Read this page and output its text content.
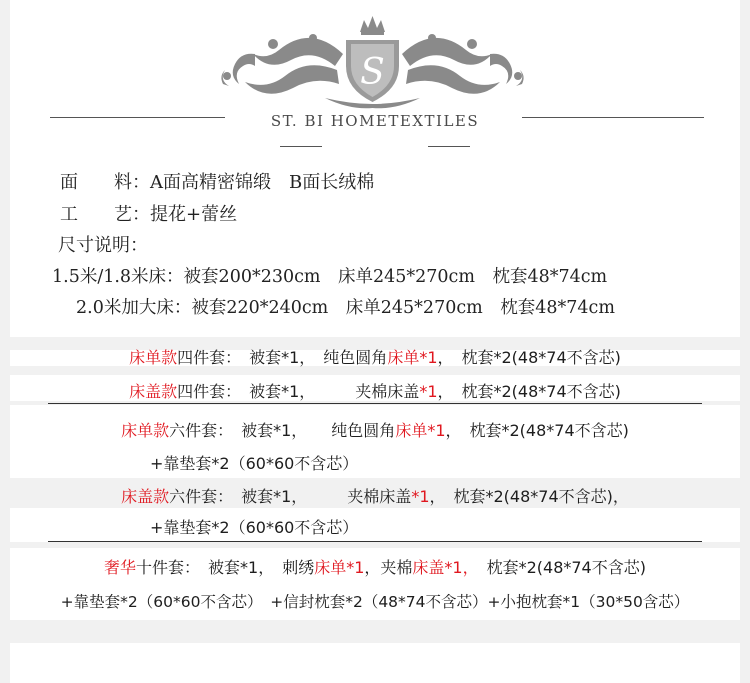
S
ST. BI HOMETEXTILES
面　　料：A面高精密锦缎　B面长绒棉
工　　艺：提花+蕾丝
尺寸说明：
1.5米/1.8米床：被套200*230cm　床单245*270cm　枕套48*74cm
2.0米加大床：被套220*240cm　床单245*270cm　枕套48*74cm
床单款四件套：　被套*1，　纯色圆角床单*1，　枕套*2(48*74不含芯)
床盖款四件套：　被套*1，　　　夹棉床盖*1，　枕套*2(48*74不含芯)
床单款六件套：　被套*1，　　纯色圆角床单*1，　枕套*2(48*74不含芯)
+靠垫套*2（60*60不含芯）
床盖款六件套：　被套*1，　　　夹棉床盖*1，　枕套*2(48*74不含芯)，
+靠垫套*2（60*60不含芯）
奢华十件套：　被套*1，　刺绣床单*1，夹棉床盖*1，　枕套*2(48*74不含芯)
+靠垫套*2（60*60不含芯）　+信封枕套*2（48*74不含芯）+小抱枕套*1（30*50含芯）
